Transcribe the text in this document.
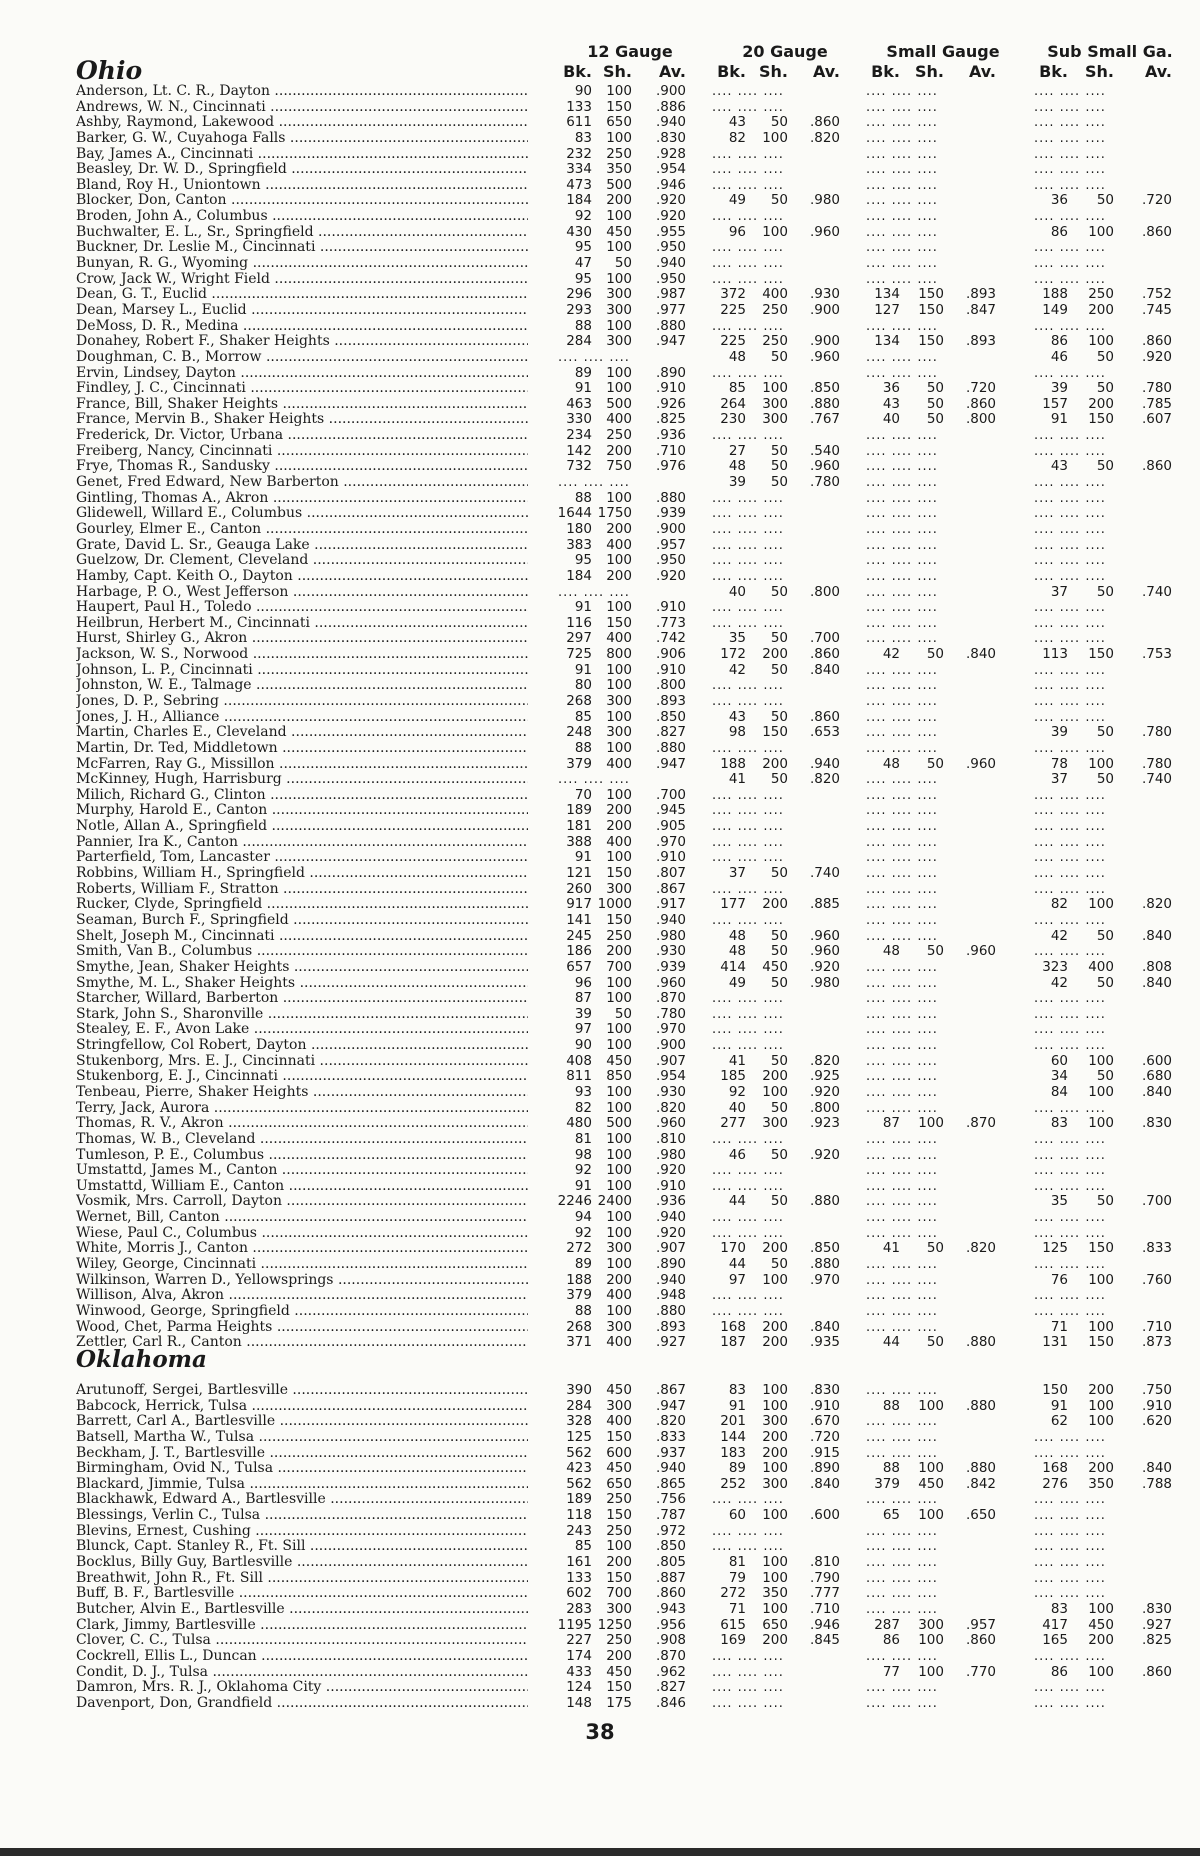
Ohio
12 Gauge	20 Gauge	Small Gauge	Sub Small Ga.
Bk. Sh.	Av.	Bk. Sh.	Av.	Bk. Sh.	Av.	Bk.	Sh.	Av.
Anderson, Lt. C. R., Dayton .....	90	100	.900 .... .... ....	.... .... ....	.... .... ....
Andrews, W. N., Cincinnati .....	133	150	.886 .... .... ....	.... .... ....	.... .... ....
Ashby, Raymond, Lakewood .....	611	650	.940	43	50	.860 .... .... ....	.... .... ....
Barker, G. W., Cuyahoga Falls .....	83	100	.830	82	100	.820 .... .... ....	.... .... ....
Bay, James A., Cincinnati .....	232	250	.928 .... .... ....	.... .... ....	.... .... ....
Beasley, Dr. W. D., Springfield .....	334	350	.954 .... .... ....	.... .... ....	.... .... ....
Bland, Roy H., Uniontown .....	473	500	.946 .... .... ....	.... .... ....	.... .... ....
Blocker, Don, Canton .....	184	200	.920	49	50	.980 .... .... ....	36	50	.720
Broden, John A., Columbus .....	92	100	.920 .... .... ....	.... .... ....	.... .... ....
Buchwalter, E. L., Sr., Springfield .....	430	450	.955	96	100	.960 .... .... ....	86	100	.860
Buckner, Dr. Leslie M., Cincinnati .....	95	100	.950 .... .... ....	.... .... ....	.... .... ....
Bunyan, R. G., Wyoming .....	47	50	.940 .... .... ....	.... .... ....	.... .... ....
Crow, Jack W., Wright Field .....	95	100	.950 .... .... ....	.... .... ....	.... .... ....
Dean, G. T., Euclid .....	296	300	.987	372	400	.930	134	150	.893	188	250	.752
Dean, Marsey L., Euclid .....	293	300	.977	225	250	.900	127	150	.847	149	200	.745
DeMoss, D. R., Medina .....	88	100	.880 .... .... ....	.... .... ....	.... .... ....
Donahey, Robert F., Shaker Heights .....	284	300	.947	225	250	.900	134	150	.893	86	100	.860
Doughman, C. B., Morrow .....	.... .... ....	48	50	.960 .... .... ....	46	50	.920
Ervin, Lindsey, Dayton .....	89	100	.890 .... .... ....	.... .... ....	.... .... ....
Findley, J. C., Cincinnati .....	91	100	.910	85	100	.850	36	50	.720	39	50	.780
France, Bill, Shaker Heights .....	463	500	.926	264	300	.880	43	50	.860	157	200	.785
France, Mervin B., Shaker Heights .....	330	400	.825	230	300	.767	40	50	.800	91	150	.607
Frederick, Dr. Victor, Urbana .....	234	250	.936 .... .... ....	.... .... ....	.... .... ....
Freiberg, Nancy, Cincinnati .....	142	200	.710	27	50	.540 .... .... ....	.... .... ....
Frye, Thomas R., Sandusky .....	732	750	.976	48	50	.960 .... .... ....	43	50	.860
Genet, Fred Edward, New Barberton .....	.... .... ....	39	50	.780 .... .... ....	.... .... ....
Gintling, Thomas A., Akron .....	88	100	.880 .... .... ....	.... .... ....	.... .... ....
Glidewell, Willard E., Columbus .....	1644 1750	.939 .... .... ....	.... .... ....	.... .... ....
Gourley, Elmer E., Canton .....	180	200	.900 .... .... ....	.... .... ....	.... .... ....
Grate, David L. Sr., Geauga Lake .....	383	400	.957 .... .... ....	.... .... ....	.... .... ....
Guelzow, Dr. Clement, Cleveland .....	95	100	.950 .... .... ....	.... .... ....	.... .... ....
Hamby, Capt. Keith O., Dayton .....	184	200	.920 .... .... ....	.... .... ....	.... .... ....
Harbage, P. O., West Jefferson .....	.... .... ....	40	50	.800 .... .... ....	37	50	.740
Haupert, Paul H., Toledo .....	91	100	.910 .... .... ....	.... .... ....	.... .... ....
Heilbrun, Herbert M., Cincinnati .....	116	150	.773 .... .... ....	.... .... ....	.... .... ....
Hurst, Shirley G., Akron .....	297	400	.742	35	50	.700 .... .... ....	.... .... ....
Jackson, W. S., Norwood .....	725	800	.906	172	200	.860	42	50	.840	113	150	.753
Johnson, L. P., Cincinnati .....	91	100	.910	42	50	.840 .... .... ....	.... .... ....
Johnston, W. E., Talmage .....	80	100	.800 .... .... ....	.... .... ....	.... .... ....
Jones, D. P., Sebring .....	268	300	.893 .... .... ....	.... .... ....	.... .... ....
Jones, J. H., Alliance .....	85	100	.850	43	50	.860 .... .... ....	.... .... ....
Martin, Charles E., Cleveland .....	248	300	.827	98	150	.653 .... .... ....	39	50	.780
Martin, Dr. Ted, Middletown .....	88	100	.880 .... .... ....	.... .... ....	.... .... ....
McFarren, Ray G., Missillon .....	379	400	.947	188	200	.940	48	50	.960	78	100	.780
McKinney, Hugh, Harrisburg .....	.... .... ....	41	50	.820 .... .... ....	37	50	.740
Milich, Richard G., Clinton .....	70	100	.700 .... .... ....	.... .... ....	.... .... ....
Murphy, Harold E., Canton .....	189	200	.945 .... .... ....	.... .... ....	.... .... ....
Notle, Allan A., Springfield .....	181	200	.905 .... .... ....	.... .... ....	.... .... ....
Pannier, Ira K., Canton .....	388	400	.970 .... .... ....	.... .... ....	.... .... ....
Parterfield, Tom, Lancaster .....	91	100	.910 .... .... ....	.... .... ....	.... .... ....
Robbins, William H., Springfield .....	121	150	.807	37	50	.740 .... .... ....	.... .... ....
Roberts, William F., Stratton .....	260	300	.867 .... .... ....	.... .... ....	.... .... ....
Rucker, Clyde, Springfield .....	917 1000	.917	177	200	.885 .... .... ....	82	100	.820
Seaman, Burch F., Springfield .....	141	150	.940 .... .... ....	.... .... ....	.... .... ....
Shelt, Joseph M., Cincinnati .....	245	250	.980	48	50	.960 .... .... ....	42	50	.840
Smith, Van B., Columbus .....	186	200	.930	48	50	.960	48	50	.960	.... .... ....
Smythe, Jean, Shaker Heights .....	657	700	.939	414	450	.920 .... .... ....	323	400	.808
Smythe, M. L., Shaker Heights .....	96	100	.960	49	50	.980 .... .... ....	42	50	.840
Starcher, Willard, Barberton .....	87	100	.870 .... .... ....	.... .... ....	.... .... ....
Stark, John S., Sharonville .....	39	50	.780 .... .... ....	.... .... ....	.... .... ....
Stealey, E. F., Avon Lake .....	97	100	.970 .... .... ....	.... .... ....	.... .... ....
Stringfellow, Col Robert, Dayton .....	90	100	.900 .... .... ....	.... .... ....	.... .... ....
Stukenborg, Mrs. E. J., Cincinnati .....	408	450	.907	41	50	.820 .... .... ....	60	100	.600
Stukenborg, E. J., Cincinnati .....	811	850	.954	185	200	.925 .... .... ....	34	50	.680
Tenbeau, Pierre, Shaker Heights .....	93	100	.930	92	100	.920 .... .... ....	84	100	.840
Terry, Jack, Aurora .....	82	100	.820	40	50	.800 .... .... ....	.... .... ....
Thomas, R. V., Akron .....	480	500	.960	277	300	.923	87	100	.870	83	100	.830
Thomas, W. B., Cleveland .....	81	100	.810 .... .... ....	.... .... ....	.... .... ....
Tumleson, P. E., Columbus .....	98	100	.980	46	50	.920 .... .... ....	.... .... ....
Umstattd, James M., Canton .....	92	100	.920 .... .... ....	.... .... ....	.... .... ....
Umstattd, William E., Canton .....	91	100	.910 .... .... ....	.... .... ....	.... .... ....
Vosmik, Mrs. Carroll, Dayton .....	2246 2400	.936	44	50	.880 .... .... ....	35	50	.700
Wernet, Bill, Canton .....	94	100	.940 .... .... ....	.... .... ....	.... .... ....
Wiese, Paul C., Columbus .....	92	100	.920 .... .... ....	.... .... ....	.... .... ....
White, Morris J., Canton .....	272	300	.907	170	200	.850	41	50	.820	125	150	.833
Wiley, George, Cincinnati .....	89	100	.890	44	50	.880 .... .... ....	.... .... ....
Wilkinson, Warren D., Yellowsprings .....	188	200	.940	97	100	.970 .... .... ....	76	100	.760
Willison, Alva, Akron .....	379	400	.948 .... .... ....	.... .... ....	.... .... ....
Winwood, George, Springfield .....	88	100	.880 .... .... ....	.... .... ....	.... .... ....
Wood, Chet, Parma Heights .....	268	300	.893	168	200	.840 .... .... ....	71	100	.710
Zettler, Carl R., Canton .....	371	400	.927	187	200	.935	44	50	.880	131	150	.873
Oklahoma
Arutunoff, Sergei, Bartlesville .....	390	450	.867	83	100	.830 .... .... ....	150	200	.750
Babcock, Herrick, Tulsa .....	284	300	.947	91	100	.910	88	100	.880	91	100	.910
Barrett, Carl A., Bartlesville .....	328	400	.820	201	300	.670 .... .... ....	62	100	.620
Batsell, Martha W., Tulsa .....	125	150	.833	144	200	.720 .... .... ....	.... .... ....
Beckham, J. T., Bartlesville .....	562	600	.937	183	200	.915 .... .... ....	.... .... ....
Birmingham, Ovid N., Tulsa .....	423	450	.940	89	100	.890	88	100	.880	168	200	.840
Blackard, Jimmie, Tulsa .....	562	650	.865	252	300	.840	379	450	.842	276	350	.788
Blackhawk, Edward A., Bartlesville .....	189	250	.756 .... .... ....	.... .... ....	.... .... ....
Blessings, Verlin C., Tulsa .....	118	150	.787	60	100	.600	65	100	.650	.... .... ....
Blevins, Ernest, Cushing .....	243	250	.972 .... .... ....	.... .... ....	.... .... ....
Blunck, Capt. Stanley R., Ft. Sill .....	85	100	.850 .... .... ....	.... .... ....	.... .... ....
Bocklus, Billy Guy, Bartlesville .....	161	200	.805	81	100	.810 .... .... ....	.... .... ....
Breathwit, John R., Ft. Sill .....	133	150	.887	79	100	.790 .... .... ....	.... .... ....
Buff, B. F., Bartlesville .....	602	700	.860	272	350	.777 .... .... ....	.... .... ....
Butcher, Alvin E., Bartlesville .....	283	300	.943	71	100	.710 .... .... ....	83	100	.830
Clark, Jimmy, Bartlesville .....	1195 1250	.956	615	650	.946	287	300	.957	417	450	.927
Clover, C. C., Tulsa .....	227	250	.908	169	200	.845	86	100	.860	165	200	.825
Cockrell, Ellis L., Duncan .....	174	200	.870 .... .... ....	.... .... ....	.... .... ....
Condit, D. J., Tulsa .....	433	450	.962 .... .... ....	77	100	.770	86	100	.860
Damron, Mrs. R. J., Oklahoma City .....	124	150	.827 .... .... ....	.... .... ....	.... .... ....
Davenport, Don, Grandfield .....	148	175	.846 .... .... ....	.... .... ....	.... .... ....
38
